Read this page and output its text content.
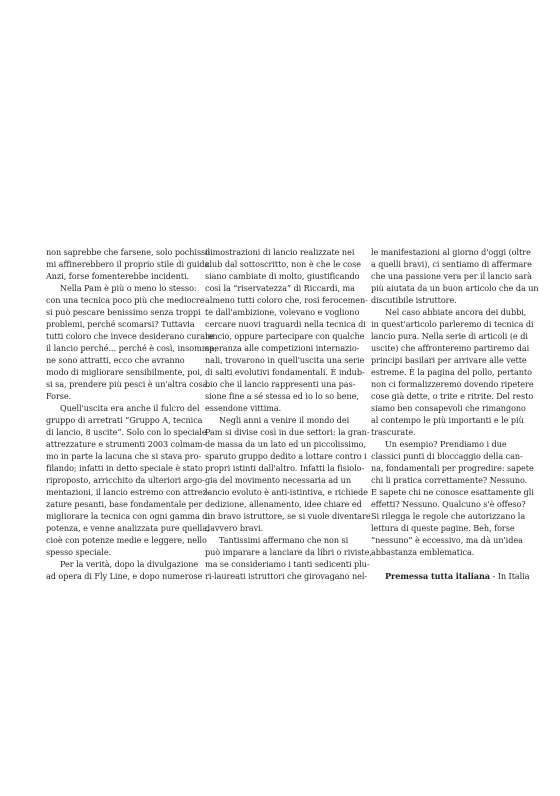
non saprebbe che farsene, solo pochissi-
mi affinerebbero il proprio stile di guida.
Anzi, forse fomenterebbe incidenti.
Nella Pam è più o meno lo stesso:
con una tecnica poco più che mediocre
si può pescare benissimo senza troppi
problemi, perché scomarsi? Tuttavia
tutti coloro che invece desiderano curare
il lancio perché... perché è così, insomma,
ne sono attratti, ecco che avranno
modo di migliorare sensibilmente, poi,
si sa, prendere più pesci è un'altra cosa.
Forse.
Quell'uscita era anche il fulcro del
gruppo di arretrati “Gruppo A, tecnica
di lancio, 8 uscite”. Solo con lo speciale
attrezzature e strumenti 2003 colmam-
mo in parte la lacuna che si stava pro-
filando; infatti in detto speciale è stato
riproposto, arricchito da ulteriori argo-
mentazioni, il lancio estremo con attrez-
zature pesanti, base fondamentale per
migliorare la tecnica con ogni gamma di
potenza, e venne analizzata pure quella,
cioè con potenze medie e leggere, nello
spesso speciale.
Per la verità, dopo la divulgazione
ad opera di Fly Line, e dopo numerose
dimostrazioni di lancio realizzate nei
club dal sottoscritto, non è che le cose
siano cambiate di molto, giustificando
così la “riservatezza” di Riccardi, ma
almeno tutti coloro che, rosi ferocemen-
te dall'ambizione, volevano e vogliono
cercare nuovi traguardi nella tecnica di
lancio, oppure partecipare con qualche
speranza alle competizioni internazio-
nali, trovarono in quell'uscita una serie
di salti evolutivi fondamentali. È indub-
bio che il lancio rappresenti una pas-
sione fine a sé stessa ed io lo so bene,
essendone vittima.
Negli anni a venire il mondo dei
Pam si divise così in due settori: la gran-
de massa da un lato ed un piccolissimo,
sparuto gruppo dedito a lottare contro i
propri istinti dall'altro. Infatti la fisiolo-
gia del movimento necessaria ad un
lancio evoluto è anti-istintiva, e richiede
dedizione, allenamento, idee chiare ed
un bravo istruttore, se si vuole diventare
davvero bravi.
Tantissimi affermano che non si
può imparare a lanciare da libri o riviste,
ma se consideriamo i tanti sedicenti plu-
ri-laureati istruttori che girovagano nel-
le manifestazioni al giorno d'oggi (oltre
a quelli bravi), ci sentiamo di affermare
che una passione vera per il lancio sarà
più aiutata da un buon articolo che da un
discutibile istruttore.
Nel caso abbiate ancora dei dubbi,
in quest'articolo parleremo di tecnica di
lancio pura. Nella serie di articoli (e di
uscite) che affronteremo partiremo dai
principi basilari per arrivare alle vette
estreme. È la pagina del pollo, pertanto
non ci formalizzeremo dovendo ripetere
cose già dette, o trite e ritrite. Del resto
siamo ben consapevoli che rimangono
al contempo le più importanti e le più
trascurate.
Un esempio? Prendiamo i due
classici punti di bloccaggio della can-
na, fondamentali per progredire: sapete
chi li pratica correttamente? Nessuno.
E sapete chi ne conosce esattamente gli
effetti? Nessuno. Qualcuno s'è offeso?
Si rilegga le regole che autorizzano la
lettura di queste pagine. Beh, forse
“nessuno” è eccessivo, ma dà un'idea
abbastanza emblematica.
Premessa tutta italiana - In Italia
